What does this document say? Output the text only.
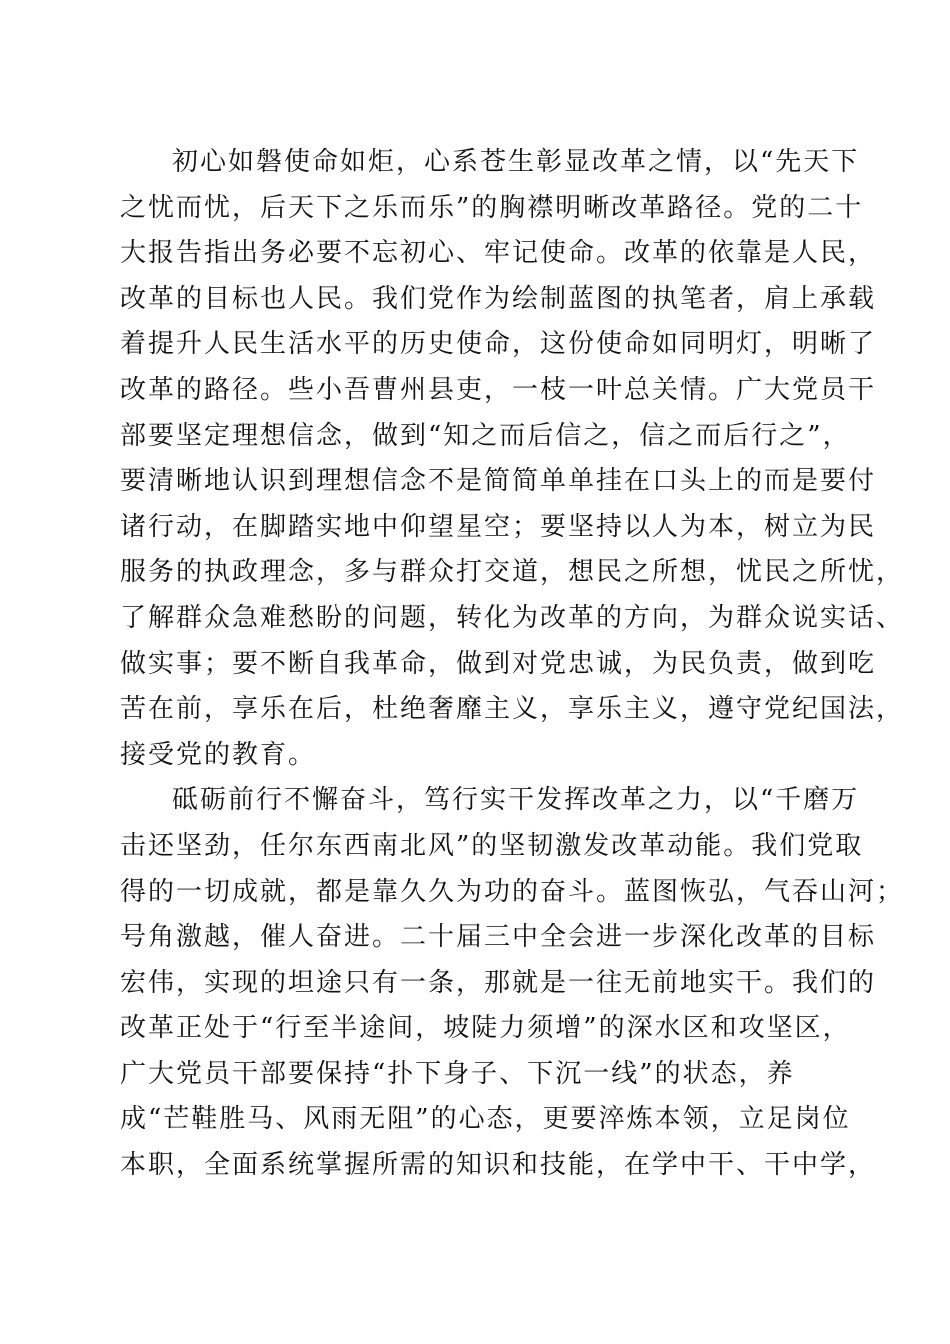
初心如磐使命如炬，心系苍生彰显改革之情，以“先天下
之忧而忧，后天下之乐而乐”的胸襟明晰改革路径。党的二十
大报告指出务必要不忘初心、牢记使命。改革的依靠是人民，
改革的目标也人民。我们党作为绘制蓝图的执笔者，肩上承载
着提升人民生活水平的历史使命，这份使命如同明灯，明晰了
改革的路径。些小吾曹州县吏，一枝一叶总关情。广大党员干
部要坚定理想信念，做到“知之而后信之，信之而后行之”，
要清晰地认识到理想信念不是简简单单挂在口头上的而是要付
诸行动，在脚踏实地中仰望星空；要坚持以人为本，树立为民
服务的执政理念，多与群众打交道，想民之所想，忧民之所忧，
了解群众急难愁盼的问题，转化为改革的方向，为群众说实话、
做实事；要不断自我革命，做到对党忠诚，为民负责，做到吃
苦在前，享乐在后，杜绝奢靡主义，享乐主义，遵守党纪国法，
接受党的教育。

砥砺前行不懈奋斗，笃行实干发挥改革之力，以“千磨万
击还坚劲，任尔东西南北风”的坚韧激发改革动能。我们党取
得的一切成就，都是靠久久为功的奋斗。蓝图恢弘，气吞山河；
号角激越，催人奋进。二十届三中全会进一步深化改革的目标
宏伟，实现的坦途只有一条，那就是一往无前地实干。我们的
改革正处于“行至半途间，坡陡力须增”的深水区和攻坚区，
广大党员干部要保持“扑下身子、下沉一线”的状态，养
成“芒鞋胜马、风雨无阻”的心态，更要淬炼本领，立足岗位
本职，全面系统掌握所需的知识和技能，在学中干、干中学，
